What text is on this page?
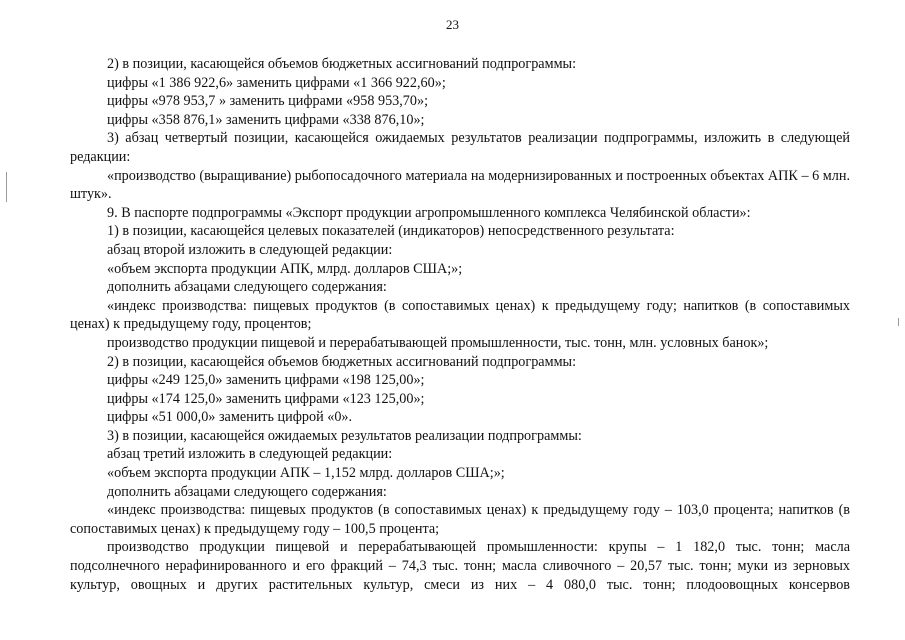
23

2) в позиции, касающейся объемов бюджетных ассигнований подпрограммы:

цифры «1 386 922,6» заменить цифрами «1 366 922,60»;

цифры «978 953,7 » заменить цифрами «958 953,70»;

цифры «358 876,1» заменить цифрами «338 876,10»;

3) абзац четвертый позиции, касающейся ожидаемых результатов реализации подпрограммы, изложить в следующей редакции:

«производство (выращивание) рыбопосадочного материала на модернизированных и построенных объектах АПК – 6 млн. штук».

9. В паспорте подпрограммы «Экспорт продукции агропромышленного комплекса Челябинской области»:

1) в позиции, касающейся целевых показателей (индикаторов) непосредственного результата:

абзац второй изложить в следующей редакции:

«объем экспорта продукции АПК, млрд. долларов США;»;

дополнить абзацами следующего содержания:

«индекс производства: пищевых продуктов (в сопоставимых ценах) к предыдущему году; напитков (в сопоставимых ценах) к предыдущему году, процентов;

производство продукции пищевой и перерабатывающей промышленности, тыс. тонн, млн. условных банок»;

2) в позиции, касающейся объемов бюджетных ассигнований подпрограммы:

цифры «249 125,0» заменить цифрами «198 125,00»;

цифры «174 125,0» заменить цифрами «123 125,00»;

цифры «51 000,0» заменить цифрой «0».

3) в позиции, касающейся ожидаемых результатов реализации подпрограммы:

абзац третий изложить в следующей редакции:

«объем экспорта продукции АПК – 1,152 млрд. долларов США;»;

дополнить абзацами следующего содержания:

«индекс производства: пищевых продуктов (в сопоставимых ценах) к предыдущему году – 103,0 процента; напитков (в сопоставимых ценах) к предыдущему году – 100,5 процента;

производство продукции пищевой и перерабатывающей промышленности: крупы – 1 182,0 тыс. тонн; масла подсолнечного нерафинированного и его фракций – 74,3 тыс. тонн; масла сливочного – 20,57 тыс. тонн; муки из зерновых культур, овощных и других растительных культур, смеси из них – 4 080,0 тыс. тонн; плодоовощных консервов
